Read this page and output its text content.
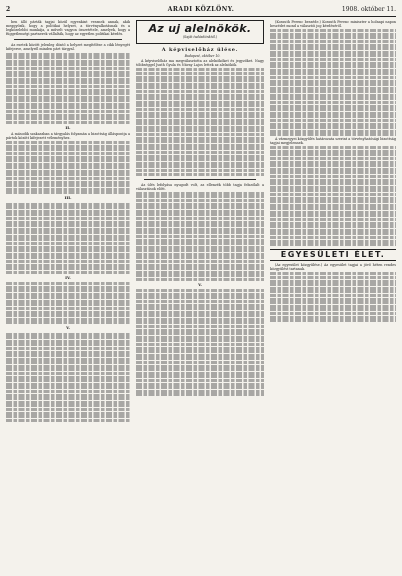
2	ARADI KÖZLÖNY.	1908. október 11.

ben álló párták tagjai közül egyenkint vesznek annak, akik meggyőzik, hogy a politikai helyzet, a törvényalkotásnak és a legközelebbi munkája, a művelt vagyon összetétele, amelyek, hogy a függetlenségi partnerek vállalták, hogy az egyetlen politikai kérdés.

Az esetek között jelenleg döntő a helyzet megítélése a cikk lényegét kifejezve, amelyről minden párt tárgyal.

II.

A második szakaszban a tárgyalás folyamán a bizottság álláspontja a pártok között kifejezett véleményhez.

III.
IV.
V.
Az uj alelnökök.
(Saját tudósítónktól.)
A képviselőház ülése.

Budapest, október 10.

A képviselőház ma megválasztotta az alelnököket és jegyzőket. Nagy többséggel Justh Gyula és Návay Lajos lettek az alelnökök.

Az ülés lefolyása nyugodt volt, az ellenzék több tagja felszólalt a választások előtt.

V.

(Kossuth Ferenc beszéde.) Kossuth Ferenc miniszter a holnapi napon beszédet mond a választói jog kérdéséről.

A vármegyei közgyűlés határozata szerint a törvényhatósági bizottság tagjai megjelennek.

EGYESÜLETI ÉLET.

(Az egyesület közgyűlése.) Az egyesület tagjai a jövő héten rendes közgyűlést tartanak.
